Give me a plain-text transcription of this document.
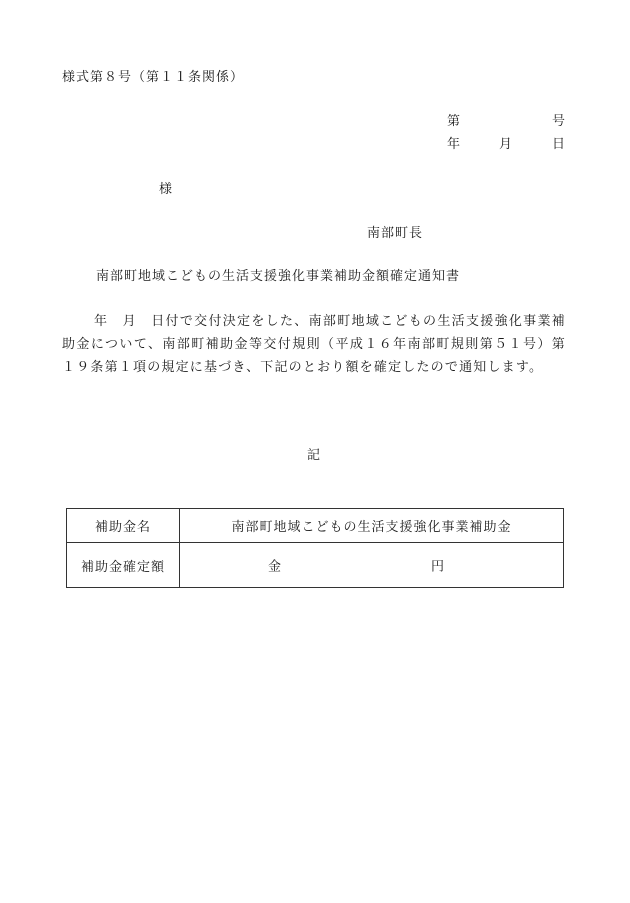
様式第８号（第１１条関係）
第	号
年	月	日
様
南部町長
南部町地域こどもの生活支援強化事業補助金額確定通知書
年　月　日付で交付決定をした、南部町地域こどもの生活支援強化事業補助金について、南部町補助金等交付規則（平成１６年南部町規則第５１号）第１９条第１項の規定に基づき、下記のとおり額を確定したので通知します。
記
補助金名	南部町地域こどもの生活支援強化事業補助金
補助金確定額	金 円
